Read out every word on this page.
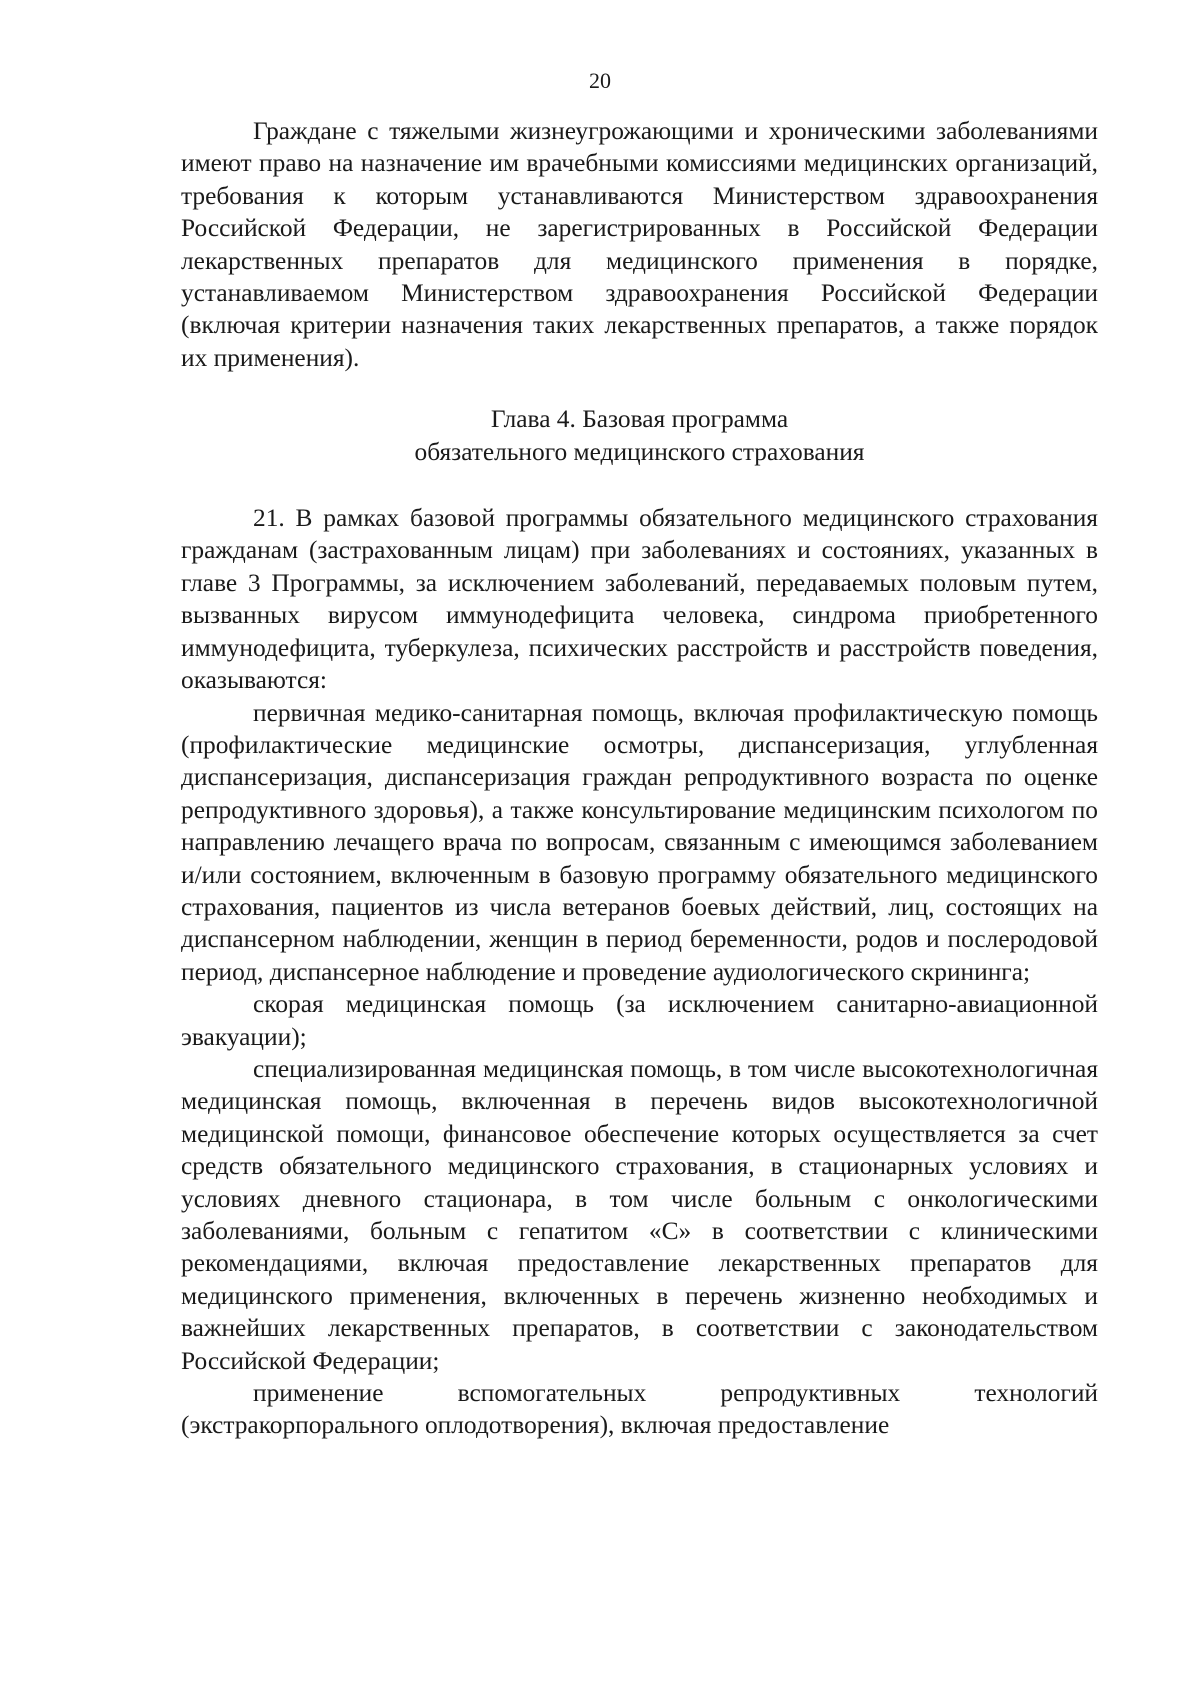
20

Граждане с тяжелыми жизнеугрожающими и хроническими заболеваниями имеют право на назначение им врачебными комиссиями медицинских организаций, требования к которым устанавливаются Министерством здравоохранения Российской Федерации, не зарегистрированных в Российской Федерации лекарственных препаратов для медицинского применения в порядке, устанавливаемом Министерством здравоохранения Российской Федерации (включая критерии назначения таких лекарственных препаратов, а также порядок их применения).

Глава 4. Базовая программа
обязательного медицинского страхования

21. В рамках базовой программы обязательного медицинского страхования гражданам (застрахованным лицам) при заболеваниях и состояниях, указанных в главе 3 Программы, за исключением заболеваний, передаваемых половым путем, вызванных вирусом иммунодефицита человека, синдрома приобретенного иммунодефицита, туберкулеза, психических расстройств и расстройств поведения, оказываются:

первичная медико-санитарная помощь, включая профилактическую помощь (профилактические медицинские осмотры, диспансеризация, углубленная диспансеризация, диспансеризация граждан репродуктивного возраста по оценке репродуктивного здоровья), а также консультирование медицинским психологом по направлению лечащего врача по вопросам, связанным с имеющимся заболеванием и/или состоянием, включенным в базовую программу обязательного медицинского страхования, пациентов из числа ветеранов боевых действий, лиц, состоящих на диспансерном наблюдении, женщин в период беременности, родов и послеродовой период, диспансерное наблюдение и проведение аудиологического скрининга;

скорая медицинская помощь (за исключением санитарно-авиационной эвакуации);

специализированная медицинская помощь, в том числе высокотехнологичная медицинская помощь, включенная в перечень видов высокотехнологичной медицинской помощи, финансовое обеспечение которых осуществляется за счет средств обязательного медицинского страхования, в стационарных условиях и условиях дневного стационара, в том числе больным с онкологическими заболеваниями, больным с гепатитом «С» в соответствии с клиническими рекомендациями, включая предоставление лекарственных препаратов для медицинского применения, включенных в перечень жизненно необходимых и важнейших лекарственных препаратов, в соответствии с законодательством Российской Федерации;

применение вспомогательных репродуктивных технологий (экстракорпорального оплодотворения), включая предоставление
